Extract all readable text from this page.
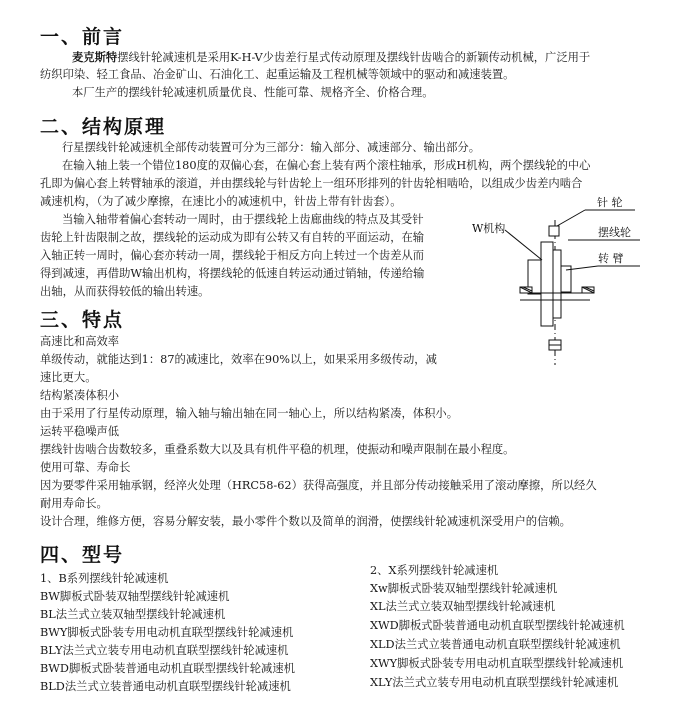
一、前言
麦克斯特摆线针轮减速机是采用K-H-V少齿差行星式传动原理及摆线针齿啮合的新颖传动机械，广泛用于
纺织印染、轻工食品、冶金矿山、石油化工、起重运输及工程机械等领域中的驱动和减速装置。
本厂生产的摆线针轮减速机质量优良、性能可靠、规格齐全、价格合理。
二、结构原理
行星摆线针轮减速机全部传动装置可分为三部分：输入部分、减速部分、输出部分。
在输入轴上装一个错位180度的双偏心套，在偏心套上装有两个滚柱轴承，形成H机构，两个摆线轮的中心
孔即为偏心套上转臂轴承的滚道，并由摆线轮与针齿轮上一组环形排列的针齿轮相啮哈，以组成少齿差内啮合
减速机构，（为了减少摩擦，在速比小的减速机中，针齿上带有针齿套）。
当输入轴带着偏心套转动一周时，由于摆线轮上齿廊曲线的特点及其受针
齿轮上针齿限制之故，摆线轮的运动成为即有公转又有自转的平面运动，在输
入轴正转一周时，偏心套亦转动一周，摆线轮于相反方向上转过一个齿差从而
得到减速，再借助W输出机构，将摆线轮的低速自转运动通过销轴，传递给输
出轴，从而获得较低的输出转速。
针 轮
W机构	摆线轮
转 臂
三、特点
高速比和高效率
单级传动，就能达到1：87的减速比，效率在90%以上，如果采用多级传动，减
速比更大。
结构紧凑体积小
由于采用了行星传动原理，输入轴与输出轴在同一轴心上，所以结构紧凑，体积小。
运转平稳噪声低
摆线针齿啮合齿数较多，重叠系数大以及具有机件平稳的机理，使振动和噪声限制在最小程度。
使用可靠、寿命长
因为要零件采用轴承钢，经淬火处理（HRC58-62）获得高强度，并且部分传动接触采用了滚动摩擦，所以经久
耐用寿命长。
设计合理，维修方便，容易分解安装，最小零件个数以及简单的润滑，使摆线针轮减速机深受用户的信赖。
四、型号
1、B系列摆线针轮减速机
BW脚板式卧装双轴型摆线针轮减速机
BL法兰式立装双轴型摆线针轮减速机
BWY脚板式卧装专用电动机直联型摆线针轮减速机
BLY法兰式立装专用电动机直联型摆线针轮减速机
BWD脚板式卧装普通电动机直联型摆线针轮减速机
BLD法兰式立装普通电动机直联型摆线针轮减速机
2、X系列摆线针轮减速机
Xw脚板式卧装双轴型摆线针轮减速机
XL法兰式立装双轴型摆线针轮减速机
XWD脚板式卧装普通电动机直联型摆线针轮减速机
XLD法兰式立装普通电动机直联型摆线针轮减速机
XWY脚板式卧装专用电动机直联型摆线针轮减速机
XLY法兰式立装专用电动机直联型摆线针轮减速机
